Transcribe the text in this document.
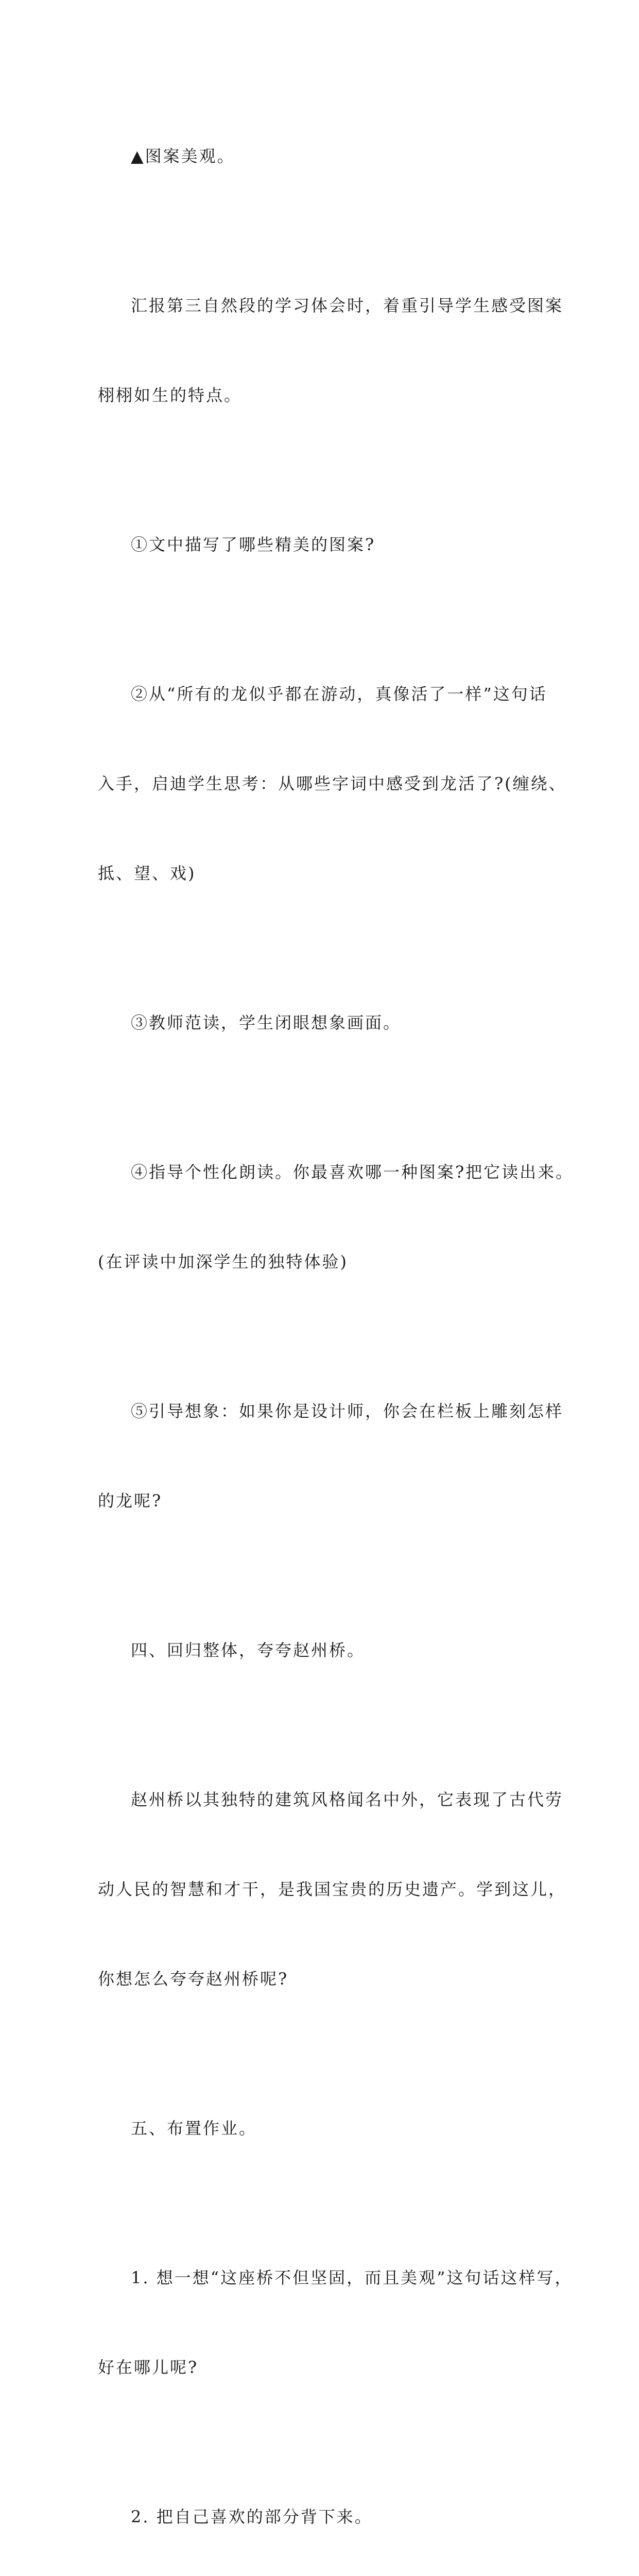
▲图案美观。

汇报第三自然段的学习体会时，着重引导学生感受图案

栩栩如生的特点。

①文中描写了哪些精美的图案?

②从“所有的龙似乎都在游动，真像活了一样”这句话

入手，启迪学生思考：从哪些字词中感受到龙活了?(缠绕、

抵、望、戏)

③教师范读，学生闭眼想象画面。

④指导个性化朗读。你最喜欢哪一种图案?把它读出来。

(在评读中加深学生的独特体验)

⑤引导想象：如果你是设计师，你会在栏板上雕刻怎样

的龙呢?

四、回归整体，夸夸赵州桥。

赵州桥以其独特的建筑风格闻名中外，它表现了古代劳

动人民的智慧和才干，是我国宝贵的历史遗产。学到这儿，

你想怎么夸夸赵州桥呢?

五、布置作业。

1. 想一想“这座桥不但坚固，而且美观”这句话这样写，

好在哪儿呢?

2. 把自己喜欢的部分背下来。
